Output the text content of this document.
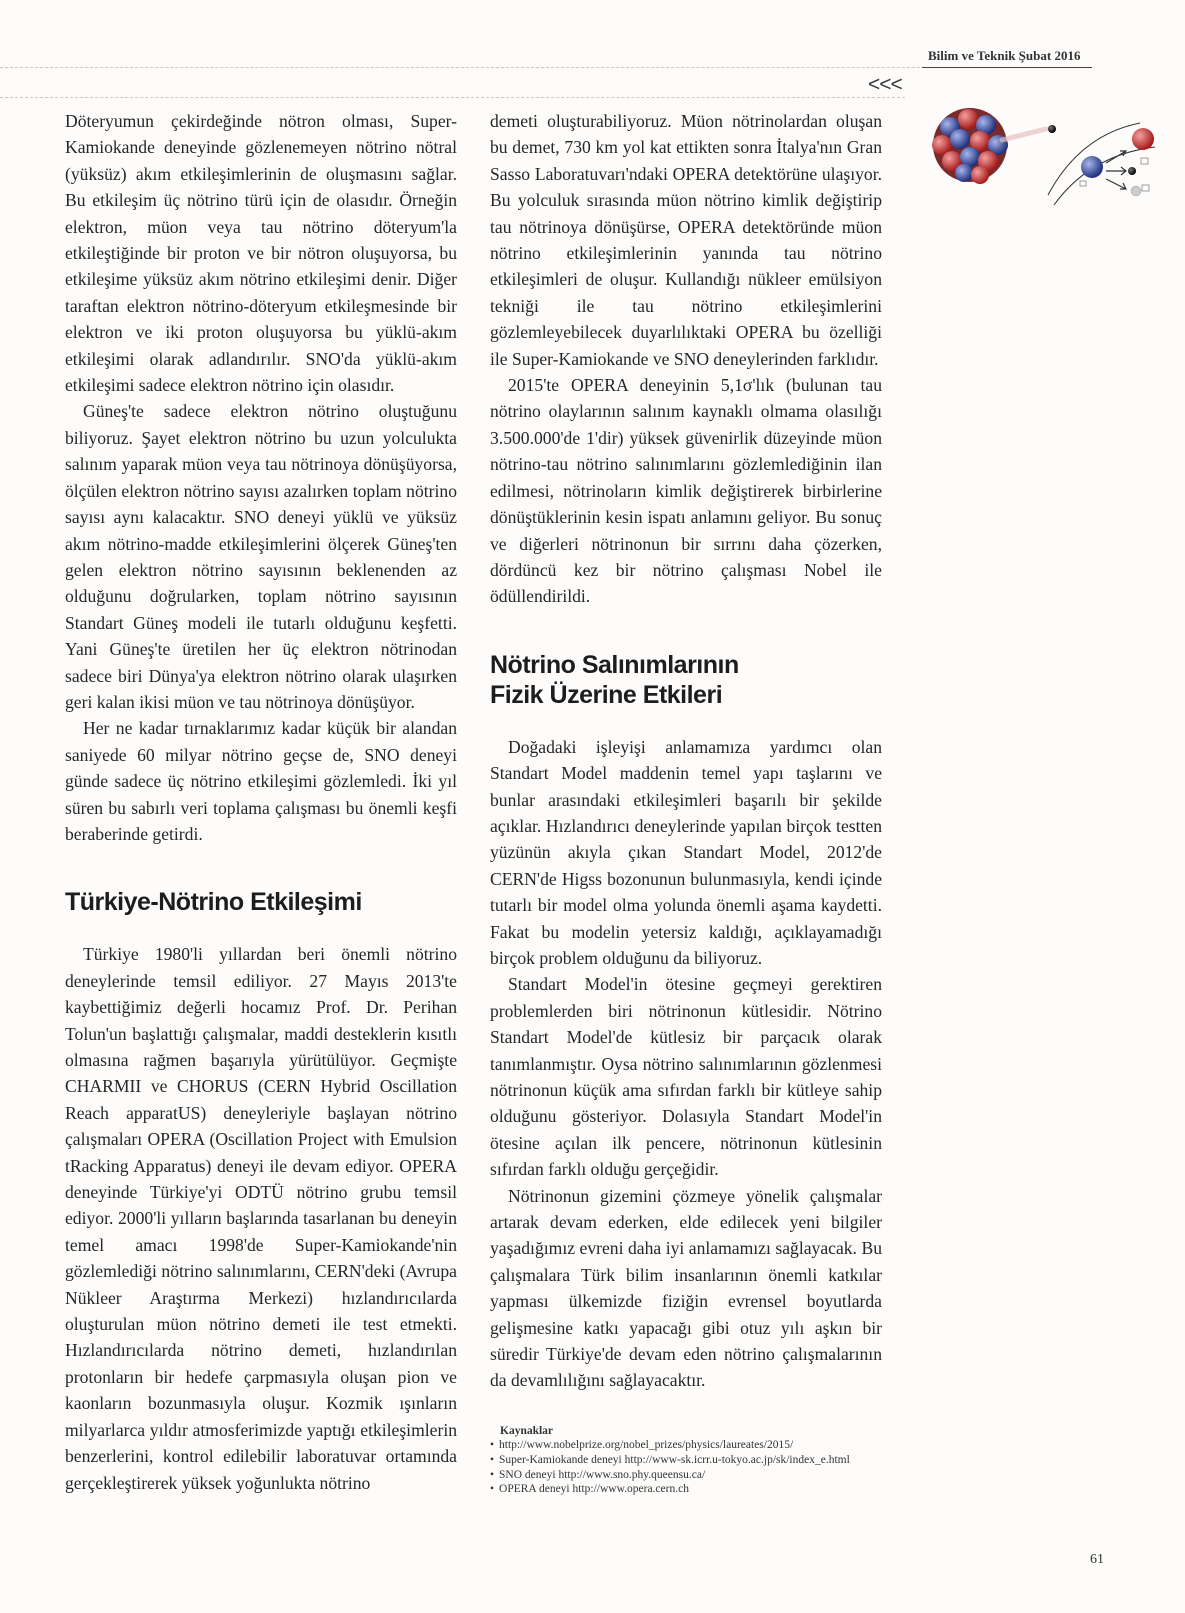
Bilim ve Teknik Şubat 2016
<<<

Döteryumun çekirdeğinde nötron olması, Super-Kamiokande deneyinde gözlenemeyen nötrino nötral (yüksüz) akım etkileşimlerinin de oluşmasını sağlar. Bu etkileşim üç nötrino türü için de olasıdır. Örneğin elektron, müon veya tau nötrino döteryum'la etkileştiğinde bir proton ve bir nötron oluşuyorsa, bu etkileşime yüksüz akım nötrino etkileşimi denir. Diğer taraftan elektron nötrino-döteryum etkileşmesinde bir elektron ve iki proton oluşuyorsa bu yüklü-akım etkileşimi olarak adlandırılır. SNO'da yüklü-akım etkileşimi sadece elektron nötrino için olasıdır.

Güneş'te sadece elektron nötrino oluştuğunu biliyoruz. Şayet elektron nötrino bu uzun yolculukta salınım yaparak müon veya tau nötrinoya dönüşüyorsa, ölçülen elektron nötrino sayısı azalırken toplam nötrino sayısı aynı kalacaktır. SNO deneyi yüklü ve yüksüz akım nötrino-madde etkileşimlerini ölçerek Güneş'ten gelen elektron nötrino sayısının beklenenden az olduğunu doğrularken, toplam nötrino sayısının Standart Güneş modeli ile tutarlı olduğunu keşfetti. Yani Güneş'te üretilen her üç elektron nötrinodan sadece biri Dünya'ya elektron nötrino olarak ulaşırken geri kalan ikisi müon ve tau nötrinoya dönüşüyor.

Her ne kadar tırnaklarımız kadar küçük bir alandan saniyede 60 milyar nötrino geçse de, SNO deneyi günde sadece üç nötrino etkileşimi gözlemledi. İki yıl süren bu sabırlı veri toplama çalışması bu önemli keşfi beraberinde getirdi.

Türkiye-Nötrino Etkileşimi

Türkiye 1980'li yıllardan beri önemli nötrino deneylerinde temsil ediliyor. 27 Mayıs 2013'te kaybettiğimiz değerli hocamız Prof. Dr. Perihan Tolun'un başlattığı çalışmalar, maddi desteklerin kısıtlı olmasına rağmen başarıyla yürütülüyor. Geçmişte CHARMII ve CHORUS (CERN Hybrid Oscillation Reach apparatUS) deneyleriyle başlayan nötrino çalışmaları OPERA (Oscillation Project with Emulsion tRacking Apparatus) deneyi ile devam ediyor. OPERA deneyinde Türkiye'yi ODTÜ nötrino grubu temsil ediyor. 2000'li yılların başlarında tasarlanan bu deneyin temel amacı 1998'de Super-Kamiokande'nin gözlemlediği nötrino salınımlarını, CERN'deki (Avrupa Nükleer Araştırma Merkezi) hızlandırıcılarda oluşturulan müon nötrino demeti ile test etmekti. Hızlandırıcılarda nötrino demeti, hızlandırılan protonların bir hedefe çarpmasıyla oluşan pion ve kaonların bozunmasıyla oluşur. Kozmik ışınların milyarlarca yıldır atmosferimizde yaptığı etkileşimlerin benzerlerini, kontrol edilebilir laboratuvar ortamında gerçekleştirerek yüksek yoğunlukta nötrino

demeti oluşturabiliyoruz. Müon nötrinolardan oluşan bu demet, 730 km yol kat ettikten sonra İtalya'nın Gran Sasso Laboratuvarı'ndaki OPERA detektörüne ulaşıyor. Bu yolculuk sırasında müon nötrino kimlik değiştirip tau nötrinoya dönüşürse, OPERA detektöründe müon nötrino etkileşimlerinin yanında tau nötrino etkileşimleri de oluşur. Kullandığı nükleer emülsiyon tekniği ile tau nötrino etkileşimlerini gözlemleyebilecek duyarlılıktaki OPERA bu özelliği ile Super-Kamiokande ve SNO deneylerinden farklıdır.

2015'te OPERA deneyinin 5,1σ'lık (bulunan tau nötrino olaylarının salınım kaynaklı olmama olasılığı 3.500.000'de 1'dir) yüksek güvenirlik düzeyinde müon nötrino-tau nötrino salınımlarını gözlemlediğinin ilan edilmesi, nötrinoların kimlik değiştirerek birbirlerine dönüştüklerinin kesin ispatı anlamını geliyor. Bu sonuç ve diğerleri nötrinonun bir sırrını daha çözerken, dördüncü kez bir nötrino çalışması Nobel ile ödüllendirildi.

Nötrino Salınımlarının
Fizik Üzerine Etkileri

Doğadaki işleyişi anlamamıza yardımcı olan Standart Model maddenin temel yapı taşlarını ve bunlar arasındaki etkileşimleri başarılı bir şekilde açıklar. Hızlandırıcı deneylerinde yapılan birçok testten yüzünün akıyla çıkan Standart Model, 2012'de CERN'de Higss bozonunun bulunmasıyla, kendi içinde tutarlı bir model olma yolunda önemli aşama kaydetti. Fakat bu modelin yetersiz kaldığı, açıklayamadığı birçok problem olduğunu da biliyoruz.

Standart Model'in ötesine geçmeyi gerektiren problemlerden biri nötrinonun kütlesidir. Nötrino Standart Model'de kütlesiz bir parçacık olarak tanımlanmıştır. Oysa nötrino salınımlarının gözlenmesi nötrinonun küçük ama sıfırdan farklı bir kütleye sahip olduğunu gösteriyor. Dolasıyla Standart Model'in ötesine açılan ilk pencere, nötrinonun kütlesinin sıfırdan farklı olduğu gerçeğidir.

Nötrinonun gizemini çözmeye yönelik çalışmalar artarak devam ederken, elde edilecek yeni bilgiler yaşadığımız evreni daha iyi anlamamızı sağlayacak. Bu çalışmalara Türk bilim insanlarının önemli katkılar yapması ülkemizde fiziğin evrensel boyutlarda gelişmesine katkı yapacağı gibi otuz yılı aşkın bir süredir Türkiye'de devam eden nötrino çalışmalarının da devamlılığını sağlayacaktır.

Kaynaklar
• http://www.nobelprize.org/nobel_prizes/physics/laureates/2015/
• Super-Kamiokande deneyi http://www-sk.icrr.u-tokyo.ac.jp/sk/index_e.html
• SNO deneyi http://www.sno.phy.queensu.ca/
• OPERA deneyi http://www.opera.cern.ch
61
